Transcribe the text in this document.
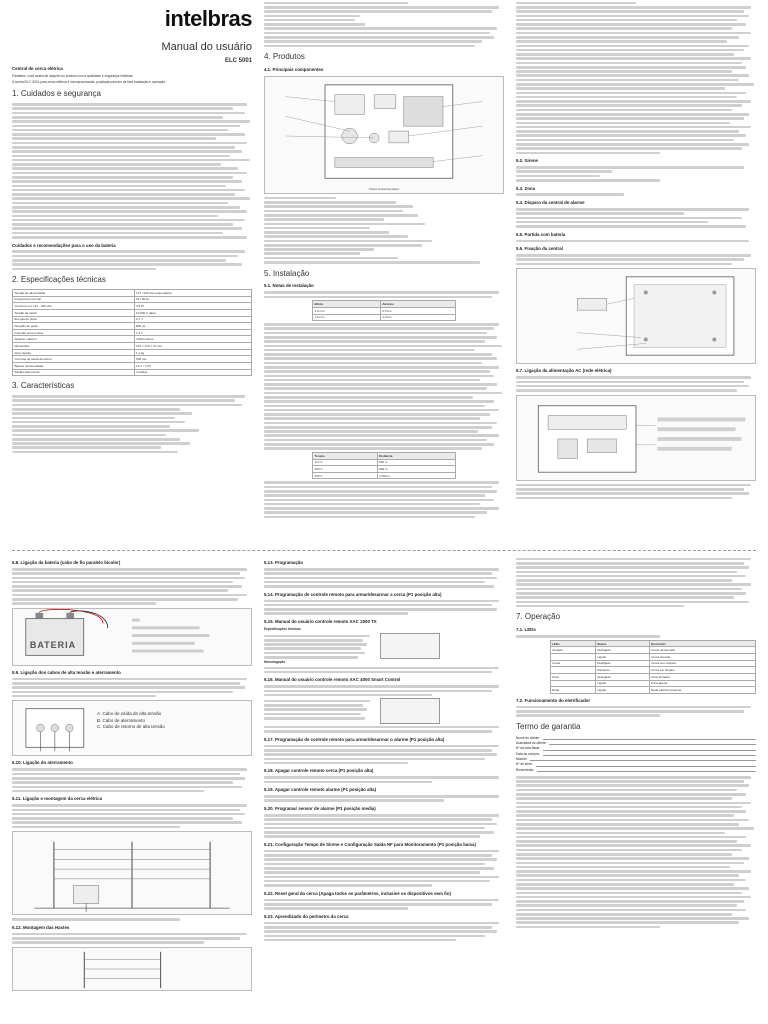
Central de cerca elétrica

Parabéns, você acaba de adquirir um produto com a qualidade e segurança Intelbras.

A central ELC 5001 para cerca elétrica é microprocessada, projetada para ser de fácil instalação e operação.

1. Cuidados e segurança
Cuidados e recomendações para o uso da bateria
2. Especificações técnicas
Tensão de alimentação	127 / 220 Vac (automático)
Frequência nominal	50 / 60 Hz
Consumo em 127 - 220 Vac	3,5 W
Tensão de saída	10.000 V (alta)
Energia do pulso	0,7 J
Duração do pulso	800 µs
Intervalo entre pulsos	1,3 s
Alcance máximo	4.500 metros
Dimensões	270 × 170 × 70 mm
Peso líquido	1,1 kg
Corrente de saída da sirene	500 mA
Bateria recomendada	12 V / 7 Ah
Saídas disponíveis	4 saídas
3. Características
intelbras
Manual do usuário
ELC 5001 4. Produtos
4.1. Principais componentes
Placa central da placa
5. Instalação
5.1. Notas de instalação
Bitola	Alcance
1,0 mm	0,5 km
1,5 mm	1,0 km
Tensão	Distância
127 V	500 m
220 V	800 m
230 V	1.000 m
5.2. Sirene
5.3. Zona
5.4. Disparo da central de alarme
5.5. Partida com bateria
5.6. Fixação da central
5.7. Ligação da alimentação AC (rede elétrica)
5.8. Ligação da bateria (cabo de fio paralelo bicolor)
BATERIA
5.9. Ligação dos cabos de alta tensão e aterramento
A. Cabo de saída de alta tensão
B. Cabo de aterramento
C. Cabo de retorno de alta tensão
5.10. Ligação do aterramento
5.11. Ligação e montagem da cerca elétrica
5.12. Montagem das Hastes
5.13. Programação
5.14. Programação de controle remoto para armar/desarmar a cerca (P1 posição alta)
5.15. Manual do usuário controle remoto XAC 2000 TX

Especificações técnicas

Homologação

5.16. Manual do usuário controle remoto XAC 4000 Smart Control
5.17. Programação de controle remoto para armar/desarmar o alarme (P1 posição alta)
5.18. Apagar controle remoto cerca (P1 posição alta)
5.19. Apagar controle remoto alarme (P1 posição alta)
5.20. Programar sensor de alarme (P1 posição media)
5.21. Configuração Tempo de Sirene e Configuração Saída NF para Monitoramento (P1 posição baixa)
5.22. Reset geral da cerca (Apaga todos os parâmetros, inclusive os dispositivos sem fio)
5.23. Aprendizado do perímetro da cerca
7. Operação
7.1. LEDs
LEDs	Status	Descrição
Armado	Desligado	Cerca desarmada
	Ligado	Cerca armada
Cerca	Desligado	Cerca sem disparo
	Piscando	Cerca em disparo
Zona	Desligado	Zona fechada
	Ligado	Zona aberta
Rede	Ligado	Rede elétrica presente
7.2. Funcionamento do eletrificador
Termo de garantia
Nome do cliente:
Assinatura do cliente:
Nº da nota fiscal:
Data da compra:
Modelo:
Nº de série:
Revendedor:
